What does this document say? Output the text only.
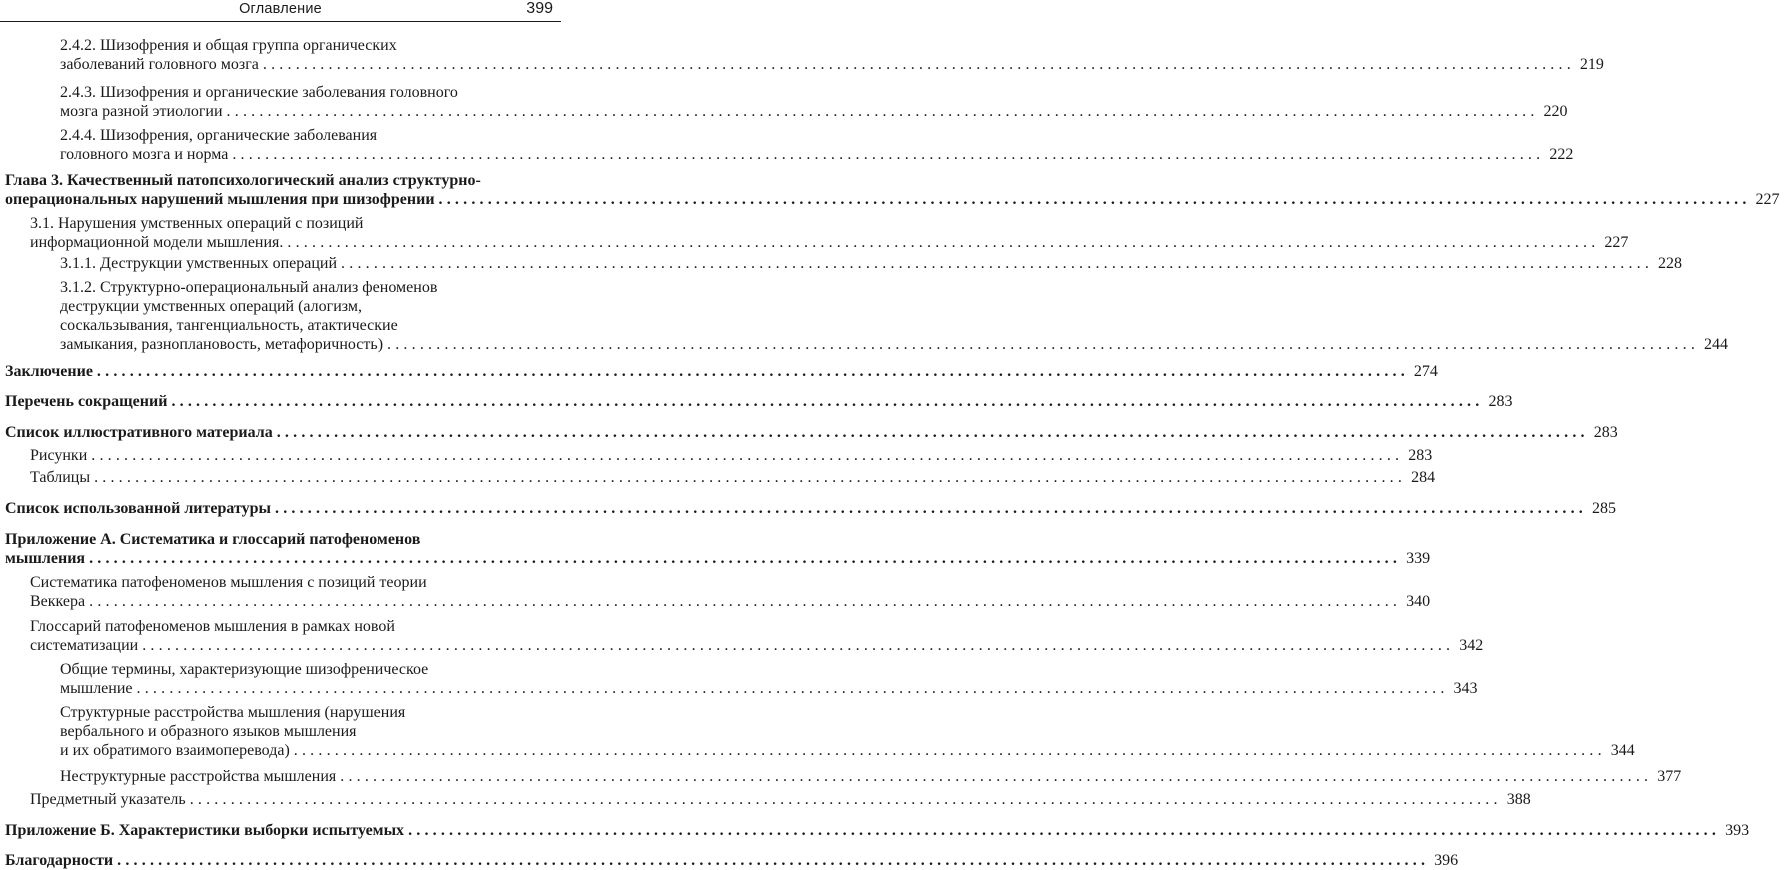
Оглавление	399
2.4.2. Шизофрения и общая группа органических
заболеваний головного мозга ................................................................................................................................................................ 219
2.4.3. Шизофрения и органические заболевания головного
мозга разной этиологии ................................................................................................................................................................ 220
2.4.4. Шизофрения, органические заболевания
головного мозга и норма ................................................................................................................................................................ 222
Глава 3. Качественный патопсихологический анализ структурно-
операциональных нарушений мышления при шизофрении ................................................................................................................................................................ 227
3.1. Нарушения умственных операций с позиций
информационной модели мышления. ................................................................................................................................................................ 227
3.1.1. Деструкции умственных операций ................................................................................................................................................................ 228
3.1.2. Структурно-операциональный анализ феноменов
деструкции умственных операций (алогизм,
соскальзывания, тангенциальность, атактические
замыкания, разноплановость, метафоричность) ................................................................................................................................................................ 244
Заключение ................................................................................................................................................................ 274
Перечень сокращений ................................................................................................................................................................ 283
Список иллюстративного материала ................................................................................................................................................................ 283
Рисунки ................................................................................................................................................................ 283
Таблицы ................................................................................................................................................................ 284
Список использованной литературы ................................................................................................................................................................ 285
Приложение А. Систематика и глоссарий патофеноменов
мышления ................................................................................................................................................................ 339
Систематика патофеноменов мышления с позиций теории
Веккера ................................................................................................................................................................ 340
Глоссарий патофеноменов мышления в рамках новой
систематизации ................................................................................................................................................................ 342
Общие термины, характеризующие шизофреническое
мышление ................................................................................................................................................................ 343
Структурные расстройства мышления (нарушения
вербального и образного языков мышления
и их обратимого взаимоперевода) ................................................................................................................................................................ 344
Неструктурные расстройства мышления ................................................................................................................................................................ 377
Предметный указатель ................................................................................................................................................................ 388
Приложение Б. Характеристики выборки испытуемых ................................................................................................................................................................ 393
Благодарности ................................................................................................................................................................ 396
